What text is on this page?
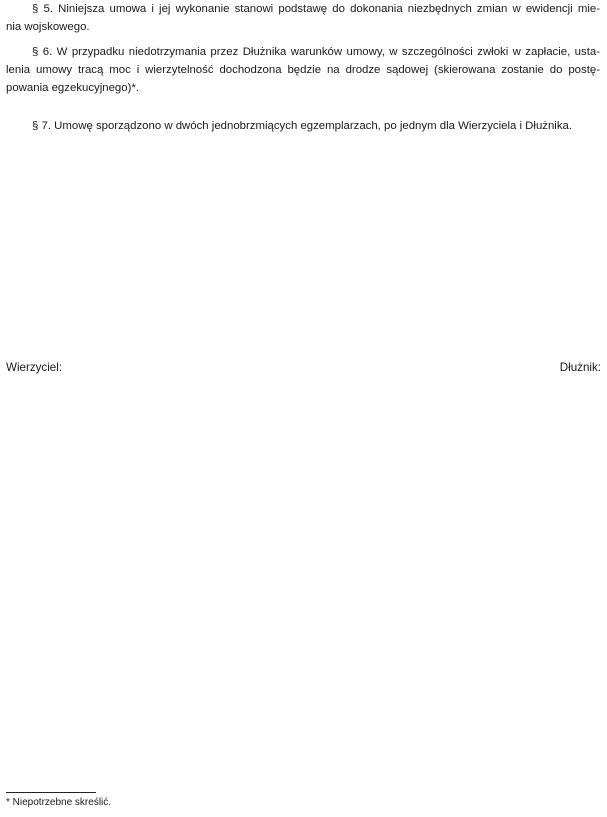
§ 5. Niniejsza umowa i jej wykonanie stanowi podstawę do dokonania niezbędnych zmian w ewidencji mie-
nia wojskowego.

§ 6. W przypadku niedotrzymania przez Dłużnika warunków umowy, w szczególności zwłoki w zapłacie, usta-
lenia umowy tracą moc i wierzytelność dochodzona będzie na drodze sądowej (skierowana zostanie do postę-
powania egzekucyjnego)*.

§ 7. Umowę sporządzono w dwóch jednobrzmiących egzemplarzach, po jednym dla Wierzyciela i Dłużnika.

Wierzyciel:	Dłużnik:

* Niepotrzebne skreślić.
